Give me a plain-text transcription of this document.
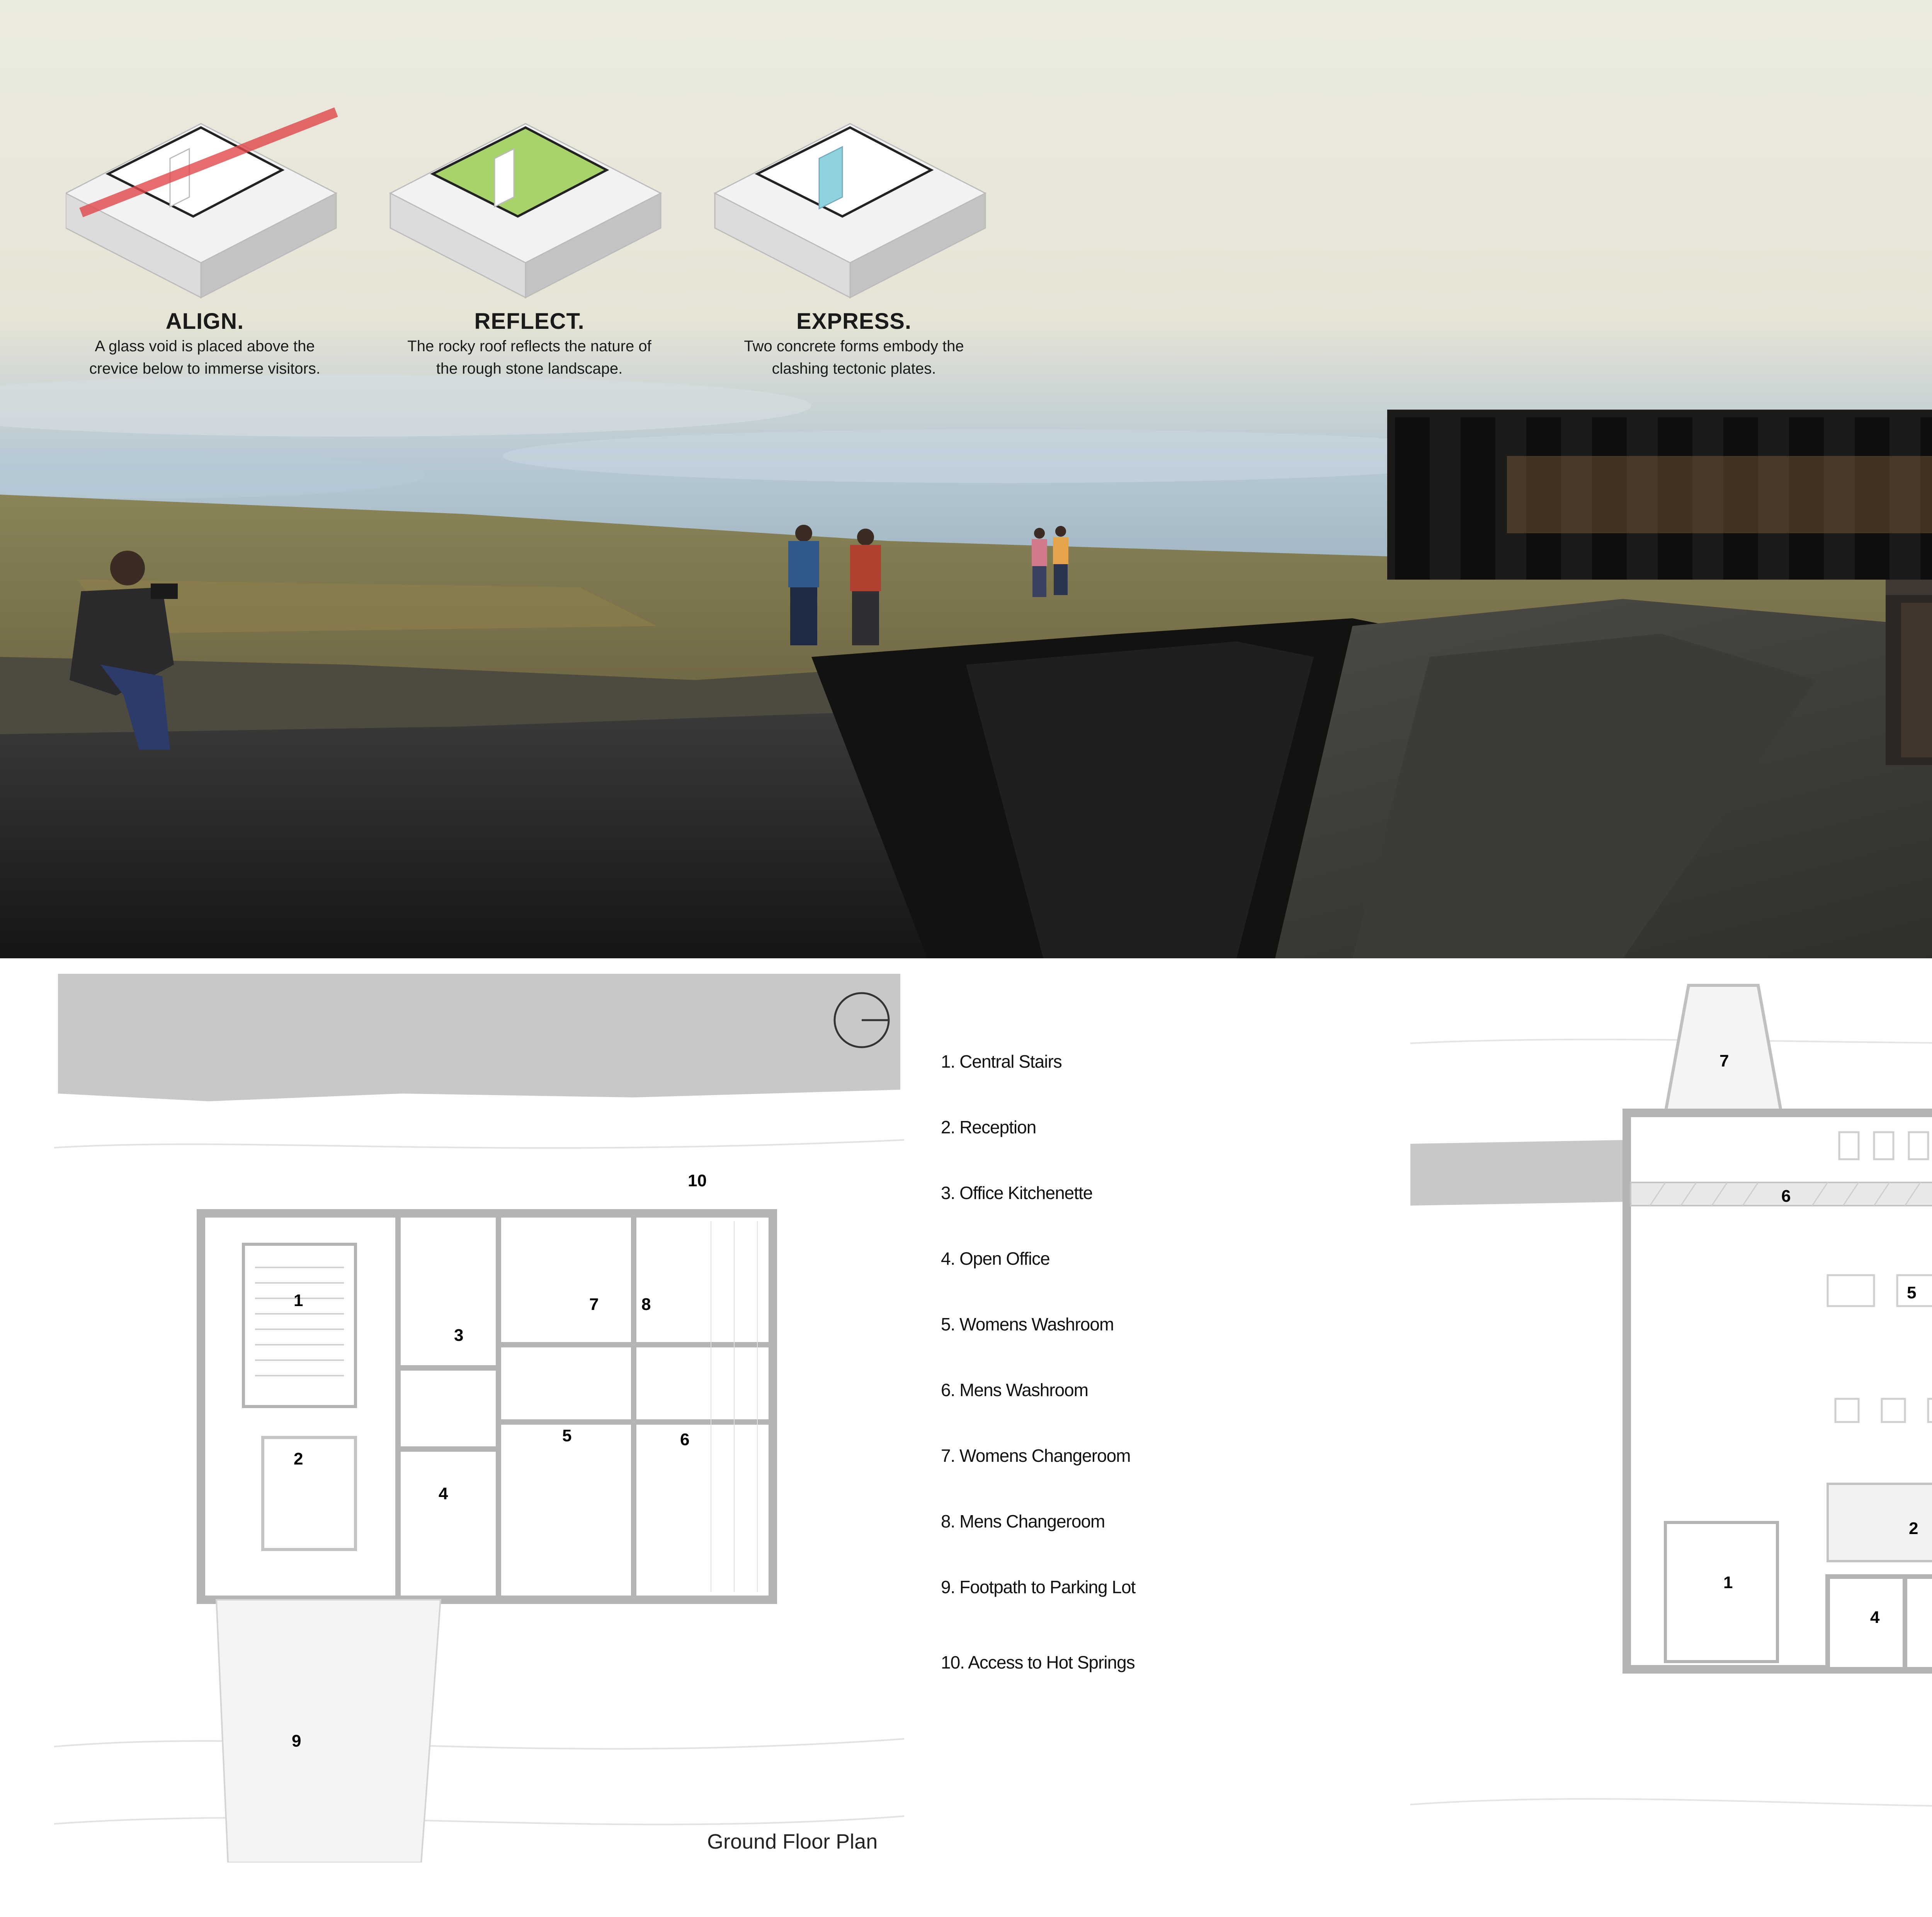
ALIGN.
A glass void is placed above the
crevice below to immerse visitors.
REFLECT.
The rocky roof reflects the nature of
the rough stone landscape.
EXPRESS.
Two concrete forms embody the
clashing tectonic plates.
1
2
3
4
5	6
7	8
9
10
Ground Floor Plan
1. Central Stairs
2. Reception
3. Office Kitchenette
4. Open Office
5. Womens Washroom
6. Mens Washroom
7. Womens Changeroom
8. Mens Changeroom
9. Footpath to Parking Lot
10. Access to Hot Springs
1
2
4
5
6
7
